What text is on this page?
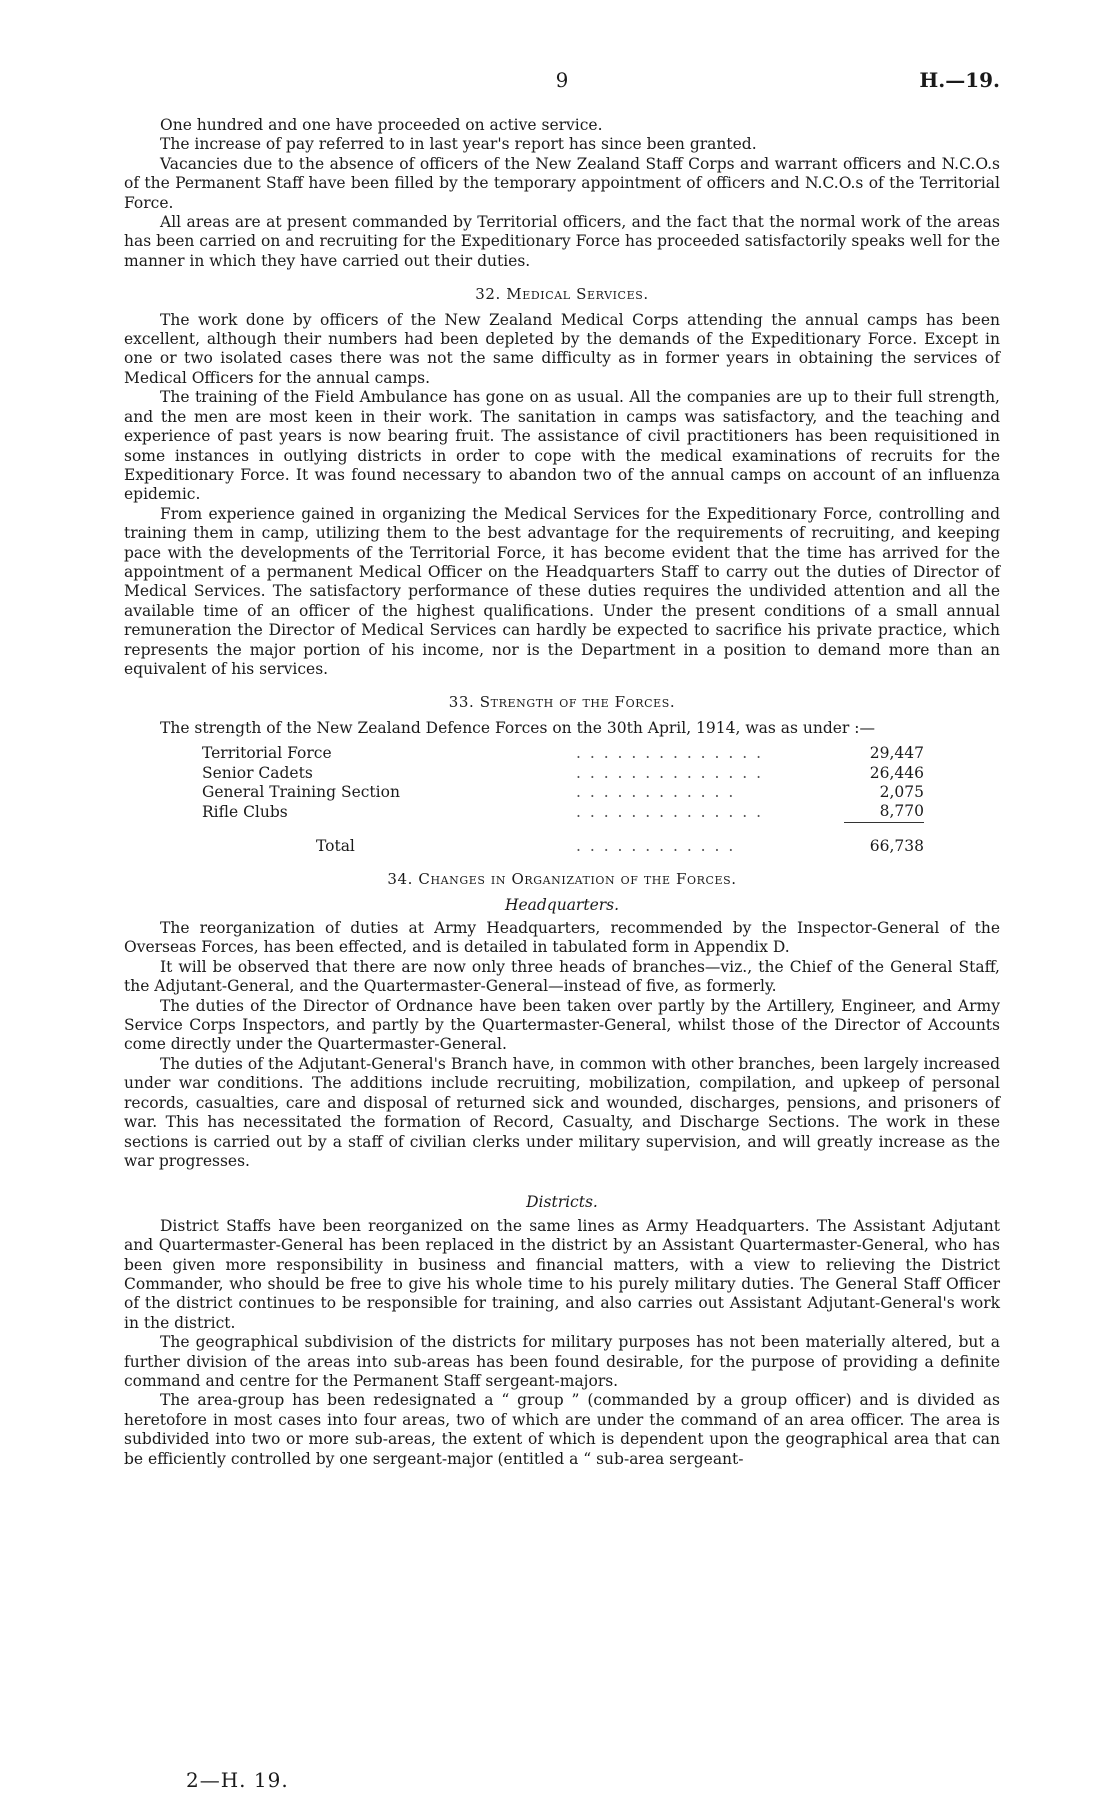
9	H.—19.

One hundred and one have proceeded on active service.

The increase of pay referred to in last year's report has since been granted.

Vacancies due to the absence of officers of the New Zealand Staff Corps and warrant officers and N.C.O.s of the Permanent Staff have been filled by the temporary appointment of officers and N.C.O.s of the Territorial Force.

All areas are at present commanded by Territorial officers, and the fact that the normal work of the areas has been carried on and recruiting for the Expeditionary Force has proceeded satisfactorily speaks well for the manner in which they have carried out their duties.

32. Medical Services.

The work done by officers of the New Zealand Medical Corps attending the annual camps has been excellent, although their numbers had been depleted by the demands of the Expeditionary Force. Except in one or two isolated cases there was not the same difficulty as in former years in obtaining the services of Medical Officers for the annual camps.

The training of the Field Ambulance has gone on as usual. All the companies are up to their full strength, and the men are most keen in their work. The sanitation in camps was satisfactory, and the teaching and experience of past years is now bearing fruit. The assistance of civil practitioners has been requisitioned in some instances in outlying districts in order to cope with the medical examinations of recruits for the Expeditionary Force. It was found necessary to abandon two of the annual camps on account of an influenza epidemic.

From experience gained in organizing the Medical Services for the Expeditionary Force, controlling and training them in camp, utilizing them to the best advantage for the requirements of recruiting, and keeping pace with the developments of the Territorial Force, it has become evident that the time has arrived for the appointment of a permanent Medical Officer on the Headquarters Staff to carry out the duties of Director of Medical Services. The satisfactory performance of these duties requires the undivided attention and all the available time of an officer of the highest qualifications. Under the present conditions of a small annual remuneration the Director of Medical Services can hardly be expected to sacrifice his private practice, which represents the major portion of his income, nor is the Department in a position to demand more than an equivalent of his services.

33. Strength of the Forces.

The strength of the New Zealand Defence Forces on the 30th April, 1914, was as under :—

Territorial Force	. . . . . . . . . . . . . .	29,447
Senior Cadets	. . . . . . . . . . . . . .	26,446
General Training Section	. . . . . . . . . . . .	2,075
Rifle Clubs	. . . . . . . . . . . . . .	8,770
Total	. . . . . . . . . . . .	66,738
34. Changes in Organization of the Forces.
Headquarters.

The reorganization of duties at Army Headquarters, recommended by the Inspector-General of the Overseas Forces, has been effected, and is detailed in tabulated form in Appendix D.

It will be observed that there are now only three heads of branches—viz., the Chief of the General Staff, the Adjutant-General, and the Quartermaster-General—instead of five, as formerly.

The duties of the Director of Ordnance have been taken over partly by the Artillery, Engineer, and Army Service Corps Inspectors, and partly by the Quartermaster-General, whilst those of the Director of Accounts come directly under the Quartermaster-General.

The duties of the Adjutant-General's Branch have, in common with other branches, been largely increased under war conditions. The additions include recruiting, mobilization, compilation, and upkeep of personal records, casualties, care and disposal of returned sick and wounded, discharges, pensions, and prisoners of war. This has necessitated the formation of Record, Casualty, and Discharge Sections. The work in these sections is carried out by a staff of civilian clerks under military supervision, and will greatly increase as the war progresses.

Districts.

District Staffs have been reorganized on the same lines as Army Headquarters. The Assistant Adjutant and Quartermaster-General has been replaced in the district by an Assistant Quartermaster-General, who has been given more responsibility in business and financial matters, with a view to relieving the District Commander, who should be free to give his whole time to his purely military duties. The General Staff Officer of the district continues to be responsible for training, and also carries out Assistant Adjutant-General's work in the district.

The geographical subdivision of the districts for military purposes has not been materially altered, but a further division of the areas into sub-areas has been found desirable, for the purpose of providing a definite command and centre for the Permanent Staff sergeant-majors.

The area-group has been redesignated a “ group ” (commanded by a group officer) and is divided as heretofore in most cases into four areas, two of which are under the command of an area officer. The area is subdivided into two or more sub-areas, the extent of which is dependent upon the geographical area that can be efficiently controlled by one sergeant-major (entitled a “ sub-area sergeant-

2—H. 19.
